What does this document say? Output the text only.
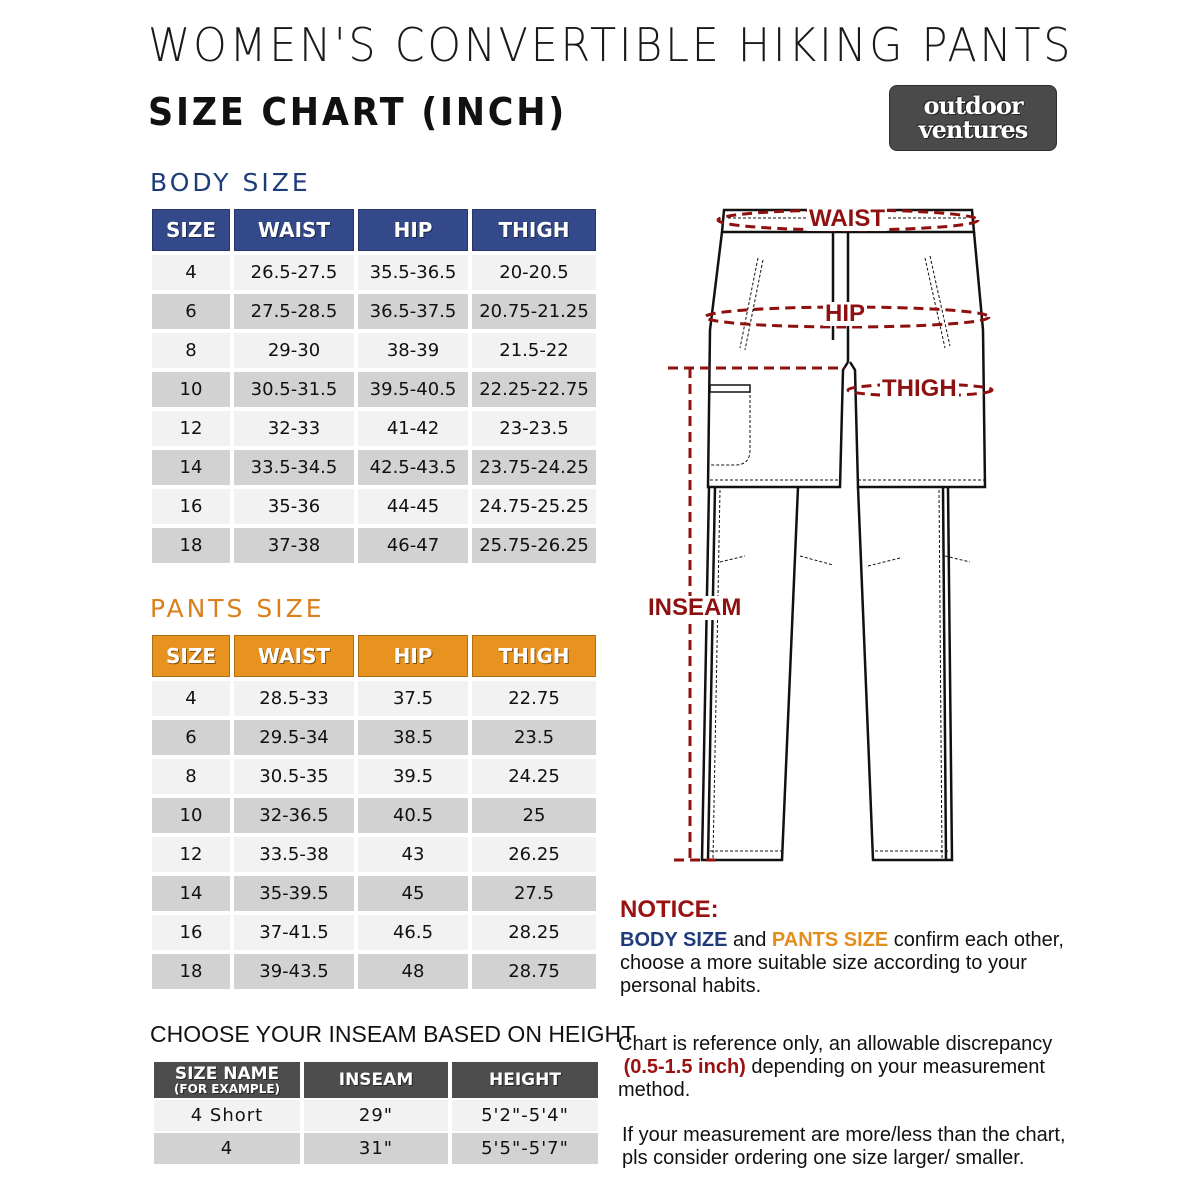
WOMEN'S CONVERTIBLE HIKING PANTS
SIZE CHART (INCH)	outdoor
ventures
BODY SIZE
SIZE	WAIST	HIP	THIGH
4	26.5-27.5	35.5-36.5	20-20.5
6	27.5-28.5	36.5-37.5	20.75-21.25
8	29-30	38-39	21.5-22
10	30.5-31.5	39.5-40.5	22.25-22.75
12	32-33	41-42	23-23.5
14	33.5-34.5	42.5-43.5	23.75-24.25
16	35-36	44-45	24.75-25.25
18	37-38	46-47	25.75-26.25
PANTS SIZE
SIZE	WAIST	HIP	THIGH
4	28.5-33	37.5	22.75
6	29.5-34	38.5	23.5
8	30.5-35	39.5	24.25
10	32-36.5	40.5	25
12	33.5-38	43	26.25
14	35-39.5	45	27.5
16	37-41.5	46.5	28.25
18	39-43.5	48	28.75
CHOOSE YOUR INSEAM BASED ON HEIGHT
SIZE NAME
(FOR EXAMPLE)	INSEAM	HEIGHT
4 Short	29"	5'2"-5'4"
4	31"	5'5"-5'7"
WAIST
HIP
THIGH
INSEAM
NOTICE:
BODY SIZE and PANTS SIZE confirm each other, choose a more suitable size according to your personal habits.
Chart is reference only, an allowable discrepancy
(0.5-1.5 inch) depending on your measurement method.
If your measurement are more/less than the chart, pls consider ordering one size larger/ smaller.
